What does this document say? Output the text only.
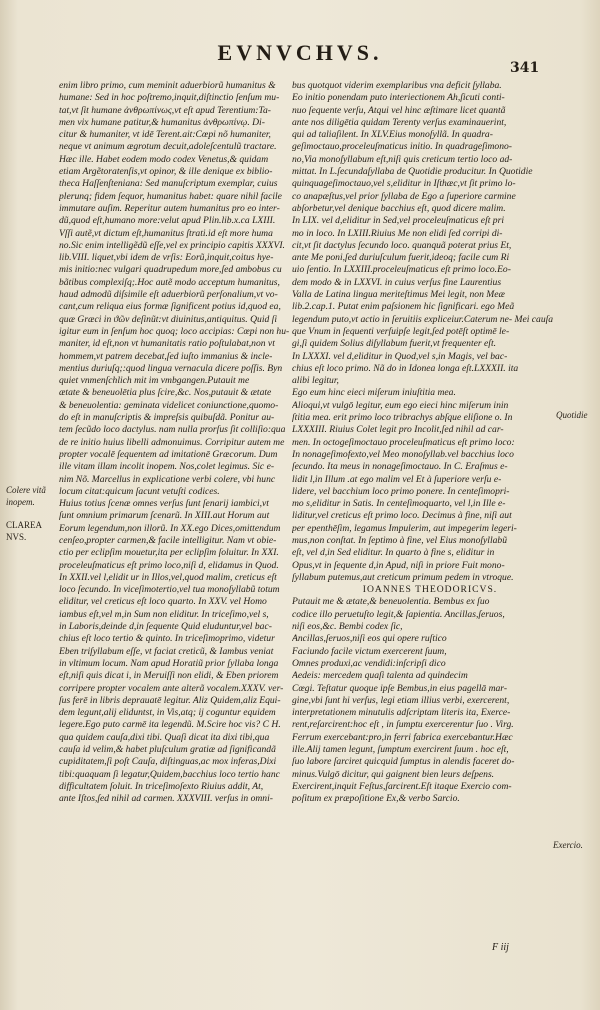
EVNVCHVS.
341
enim libro primo, cum meminit aduerbiorũ humanitus &
humane: Sed in hoc poſtremo,inquit,diſtinctio ſenſum mu-
tat,vt ſit humane ἀνθρωπίνως,vt eſt apud Terentium:Ta-
men vix humane patitur,& humanitus ἀνθρωπίνῳ. Di-
citur & humaniter, vt idē Terent.ait:Cœpi nõ humaniter,
neque vt animum ægrotum decuit,adoleſcentulũ tractare.
Hæc ille. Habet eodem modo codex Venetus,& quidam
etiam Argẽtoratenſis,vt opinor, & ille denique ex biblio-
theca Haſſenſteniana: Sed manuſcriptum exemplar, cuius
plerunq; fidem ſequor, humanitus habet: quare nihil facile
immutare auſim. Reperitur autem humanitus pro eo inter-
dũ,quod eſt,humano more:velut apud Plin.lib.x.ca LXIII.
Vſſi autẽ,vt dictum eſt,humanitus ſtrati.id eſt more huma
no.Sic enim intelligẽdũ eſſe,vel ex principio capitis XXXVI.
lib.VIII. liquet,vbi idem de vrſis: Eorũ,inquit,coitus hye-
mis initio:nec vulgari quadrupedum more,ſed ambobus cu
bãtibus complexiſq;.Hoc autẽ modo acceptum humanitus,
haud admodũ diſsimile eſt aduerbiorũ perſonalium,vt vo-
cant,cum reliqua eius formæ ſignificent potius id,quod ea,
quæ Græci in ϑῶν deſinũt:vt diuinitus,antiquitus. Quid ſi
igitur eum in ſenſum hoc quoq; loco accipias: Cœpi non hu-
maniter, id eſt,non vt humanitatis ratio poſtulabat,non vt
hommem,vt patrem decebat,ſed iuſto immanius & incle-
mentius duriuſq;:quod lingua vernacula dicere poſſis. Byn
quiet vnmenſchlich mit im vmbgangen.Putauit me
ætate & beneuolētia plus ſcire,&c. Nos,putauit & ætate
& beneuolentia: geminata videlicet coniunctione,quomo-
do eſt in manuſcriptis & impreſsis quibuſdã. Ponitur au-
tem ſecũdo loco dactylus. nam nulla prorſus ſit colliſio:qua
de re initio huius libelli admonuimus. Corripitur autem me
propter vocalē ſequentem ad imitationē Græcorum. Dum
ille vitam illam incolit inopem. Nos,colet legimus. Sic e-
nim Nõ. Marcellus in explicatione verbi colere, vbi hunc
locum citat:quicum ſacunt vetuſti codices.
Huius totius ſcenæ omnes verſus ſunt ſenarij iambici,vt
ſunt omnium primarum ſcenarũ. In XIII.aut Horum aut
Eorum legendum,non illorũ. In XX.ego Dices,omittendum
cenſeo,propter carmen,& facile intelligitur. Nam vt obie-
ctio per eclipſim mouetur,ita per eclipſim ſoluitur. In XXI.
proceleuſmaticus eſt primo loco,niſi d, elidamus in Quod.
In XXII.vel l,elidit ur in Illos,vel,quod malim, creticus eſt
loco ſecundo. In viceſimotertio,vel tua monoſyllabũ totum
eliditur, vel creticus eſt loco quarto. In XXV. vel Homo
iambus eſt,vel m,in Sum non eliditur. In triceſimo,vel s,
in Laboris,deinde d,in ſequente Quid eluduntur,vel bac-
chius eſt loco tertio & quinto. In triceſimoprimo, videtur
Eben triſyllabum eſſe, vt faciat creticũ, & Iambus veniat
in vltimum locum. Nam apud Horatiũ prior ſyllaba longa
eſt,niſi quis dicat i, in Meruiſſi non elidi, & Eben priorem
corripere propter vocalem ante alterã vocalem.XXXV. ver-
ſus ferē in libris deprauatē legitur. Aliz Quidem,aliz Equi-
dem legunt,alij eliduntst, in Vis,atq; ij coguntur equidem
legere.Ego puto carmē ita legendũ. M.Scire hoc vis? C H.
qua quidem cauſa,dixi tibi. Quaſi dicat ita dixi tibi,qua
cauſa id velim,& habet pluſculum gratiæ ad ſignificandã
cupiditatem,ſi poſt Cauſa, diſtinguas,ac mox inferas,Dixi
tibi:quaquam ſi legatur,Quidem,bacchius loco tertio hanc
difficultatem ſoluit. In triceſimoſexto Riuius addit, At,
ante Iſtos,ſed nihil ad carmen. XXXVIII. verſus in omni-
bus quotquot viderim exemplaribus vna deficit ſyllaba.
Eo initio ponendam puto interiectionem Ah,ſicuti conti-
nuo ſequente verſu, Atqui vel hinc æſtimare licet quantã
ante nos diligētia quidam Terenty verſus examinauerint,
qui ad taliaſilent. In XLV.Eius monoſyllã. In quadra-
geſimoctauo,proceleuſmaticus initio. In quadrageſimono-
no,Via monoſyllabum eſt,niſi quis creticum tertio loco ad-
mittat. In L.ſecundaſyllaba de Quotidie producitur. In Quotidie
quinquageſimoctauo,vel s,eliditur in Iſthæc,vt ſit primo lo-
co anapæſtus,vel prior ſyllaba de Ego a ſuperiore carmine
abſorbetur,vel denique bacchius eſt, quod dicere malim.
In LIX. vel d,eliditur in Sed,vel proceleuſmaticus eſt pri
mo in loco. In LXIII.Riuius Me non elidi ſed corripi di-
cit,vt ſit dactylus ſecundo loco. quanquã poterat prius Et,
ante Me poni,ſed duriuſculum fuerit,ideoq; facile cum Ri
uio ſentio. In LXXIII.proceleuſmaticus eſt primo loco.Eo-
dem modo & in LXXVI. in cuius verſus fine Laurentius
Valla de Latina lingua meriteſtimus Mei legit, non Meæ
lib.2.cap.1. Putat enim paſsionem hic ſignificari. ego Meã
legendum puto,vt actio in ſeruitiis expliceiur.Caterum ne- Mei cauſa
que Vnum in ſequenti verſuipſe legit,ſed potēſt optimē le-
gi,ſi quidem Solius diſyllabum fuerit,vt frequenter eſt.
In LXXXI. vel d,eliditur in Quod,vel s,in Magis, vel bac-
chius eſt loco primo. Nã do in Idonea longa eſt.LXXXII. ita
alibi legitur,
Ego eum hinc eieci miſerum iniuſtitia mea.
Alioqui,vt vulgō legitur, eum ego eieci hinc miſerum inin
ſtitia mea. erit primo loco tribrachys abſque eliſione o. In
LXXXIII. Riuius Colet legit pro Incolit,ſed nihil ad car-
men. In octogeſimoctauo proceleuſmaticus eſt primo loco:
In nonageſimofexto,vel Meo monoſyllab.vel bacchius loco
ſecundo. Ita meus in nonageſimoctauo. In C. Eraſmus e-
lidit l,in Illum .at ego malim vel Et à ſuperiore verſu e-
lidere, vel bacchium loco primo ponere. In centeſimopri-
mo s,eliditur in Satis. In centeſimoquarto, vel l,in Ille e-
liditur,vel creticus eſt primo loco. Decimus à fine, niſi aut
per epenthēſim, legamus Impulerim, aut impegerim legeri-
mus,non conſtat. In ſeptimo à fine, vel Eius monoſyllabũ
eſt, vel d,in Sed eliditur. In quarto à fine s, eliditur in
Opus,vt in ſequente d,in Apud, niſi in priore Fuit mono-
ſyllabum putemus,aut creticum primum pedem in vtroque.
IOANNES THEODORICVS.
Putauit me & ætate,& beneuolentia. Bembus ex ſuo
codice illo peruetuſto legit,& ſapientia. Ancillas,ſeruos,
niſi eos,&c. Bembi codex ſic,
Ancillas,ſeruos,niſi eos qui opere ruſtico
Faciundo facile victum exercerent ſuum,
Omnes produxi,ac vendidi:inſcripſi dico
Aedeis: mercedem quaſi talenta ad quindecim
Cœgi. Teſtatur quoque ipſe Bembus,in eius pagellā mar-
gine,vbi ſunt hi verſus, legi etiam illius verbi, exercerent,
interpretationem minutulis adſcriptam literis ita, Exerce-
rent,reſarcirent:hoc eſt , in ſumptu exercerentur ſuo . Virg.
Ferrum exercebant:pro,in ferri fabrica exercebantur.Hæc
ille.Alij tamen legunt, ſumptum exercirent ſuum . hoc eſt,
ſuo labore ſarciret quicquid ſumptus in alendis faceret do-
minus.Vulgō dicitur, qui gaignent bien leurs deſpens.
Exercirent,inquit Feſtus,ſarcirent.Eſt itaque Exercio com-
poſitum ex præpoſitione Ex,& verbo Sarcio.
Colere vitã
inopem.
CLAREA
NVS.
Quotidie
Exercio.
F iij
